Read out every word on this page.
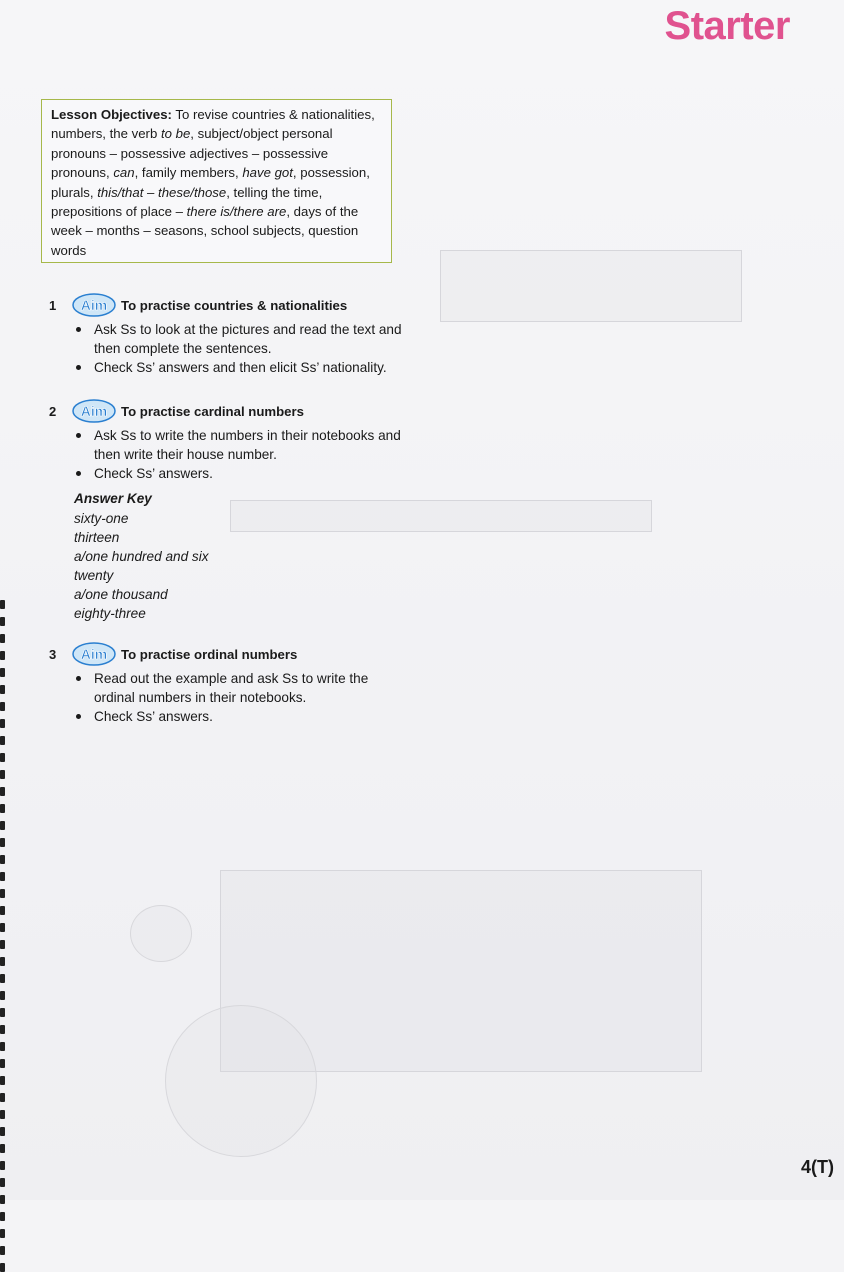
Starter
Lesson Objectives: To revise countries & nationalities, numbers, the verb to be, subject/object personal pronouns – possessive adjectives – possessive pronouns, can, family members, have got, possession, plurals, this/that – these/those, telling the time, prepositions of place – there is/there are, days of the week – months – seasons, school subjects, question words
1	Aim To practise countries & nationalities
Ask Ss to look at the pictures and read the text and then complete the sentences.
Check Ss’ answers and then elicit Ss’ nationality.
2	Aim To practise cardinal numbers
Ask Ss to write the numbers in their notebooks and then write their house number.
Check Ss’ answers.
Answer Key
sixty-one
thirteen
a/one hundred and six
twenty
a/one thousand
eighty-three
3	Aim To practise ordinal numbers
Read out the example and ask Ss to write the ordinal numbers in their notebooks.
Check Ss’ answers.
4(T)
